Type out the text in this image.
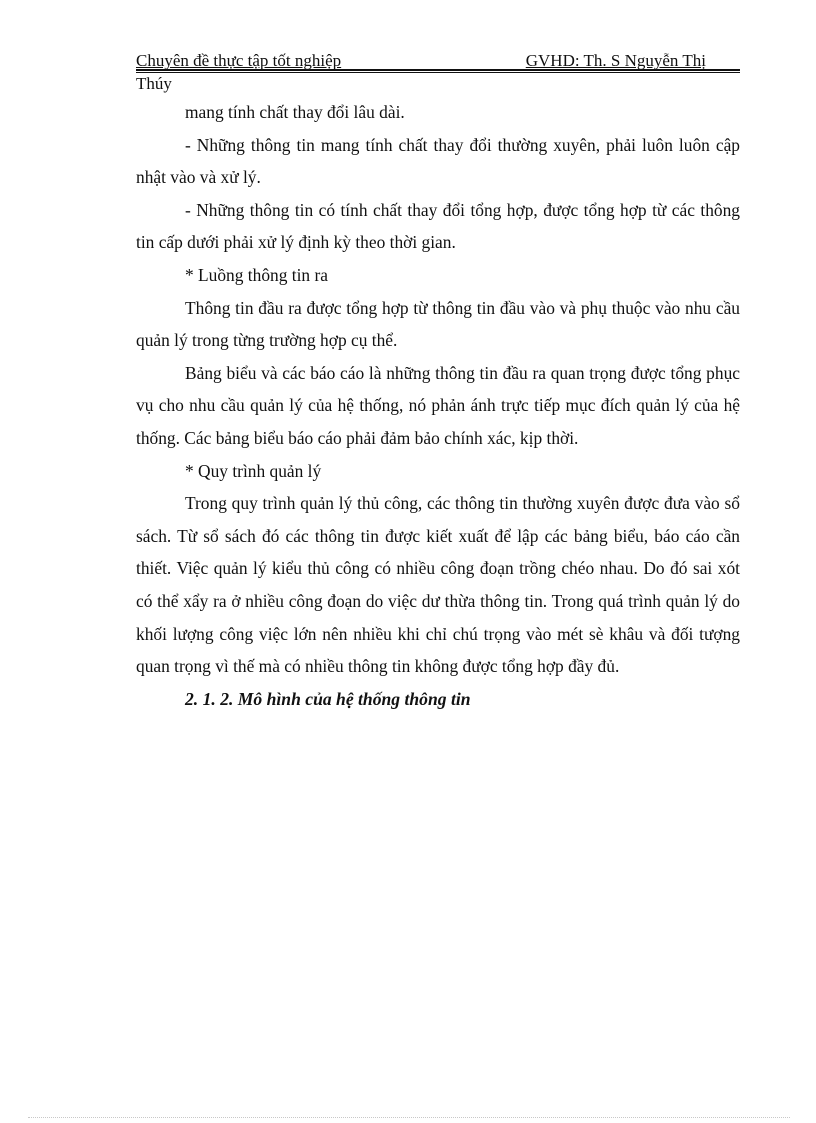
Chuyên đề thực tập tốt nghiệp	GVHD: Th. S Nguyễn Thị
Thúy

mang tính chất thay đổi lâu dài.

- Những thông tin mang tính chất thay đổi thường xuyên, phải luôn luôn cập nhật vào và xử lý.

- Những thông tin có tính chất thay đổi tổng hợp, được tổng hợp từ các thông tin cấp dưới phải xử lý định kỳ theo thời gian.

* Luồng thông tin ra

Thông tin đầu ra được tổng hợp từ thông tin đầu vào và phụ thuộc vào nhu cầu quản lý trong từng trường hợp cụ thể.

Bảng biểu và các báo cáo là những thông tin đầu ra quan trọng được tổng phục vụ cho nhu cầu quản lý của hệ thống, nó phản ánh trực tiếp mục đích quản lý của hệ thống. Các bảng biểu báo cáo phải đảm bảo chính xác, kịp thời.

* Quy trình quản lý

Trong quy trình quản lý thủ công, các thông tin thường xuyên được đưa vào sổ sách. Từ sổ sách đó các thông tin được kiết xuất để lập các bảng biểu, báo cáo cần thiết. Việc quản lý kiểu thủ công có nhiều công đoạn trồng chéo nhau. Do đó sai xót có thể xẩy ra ở nhiều công đoạn do việc dư thừa thông tin. Trong quá trình quản lý do khối lượng công việc lớn nên nhiều khi chỉ chú trọng vào mét sè khâu và đối tượng quan trọng vì thế mà có nhiều thông tin không được tổng hợp đầy đủ.

2. 1. 2. Mô hình của hệ thống thông tin
